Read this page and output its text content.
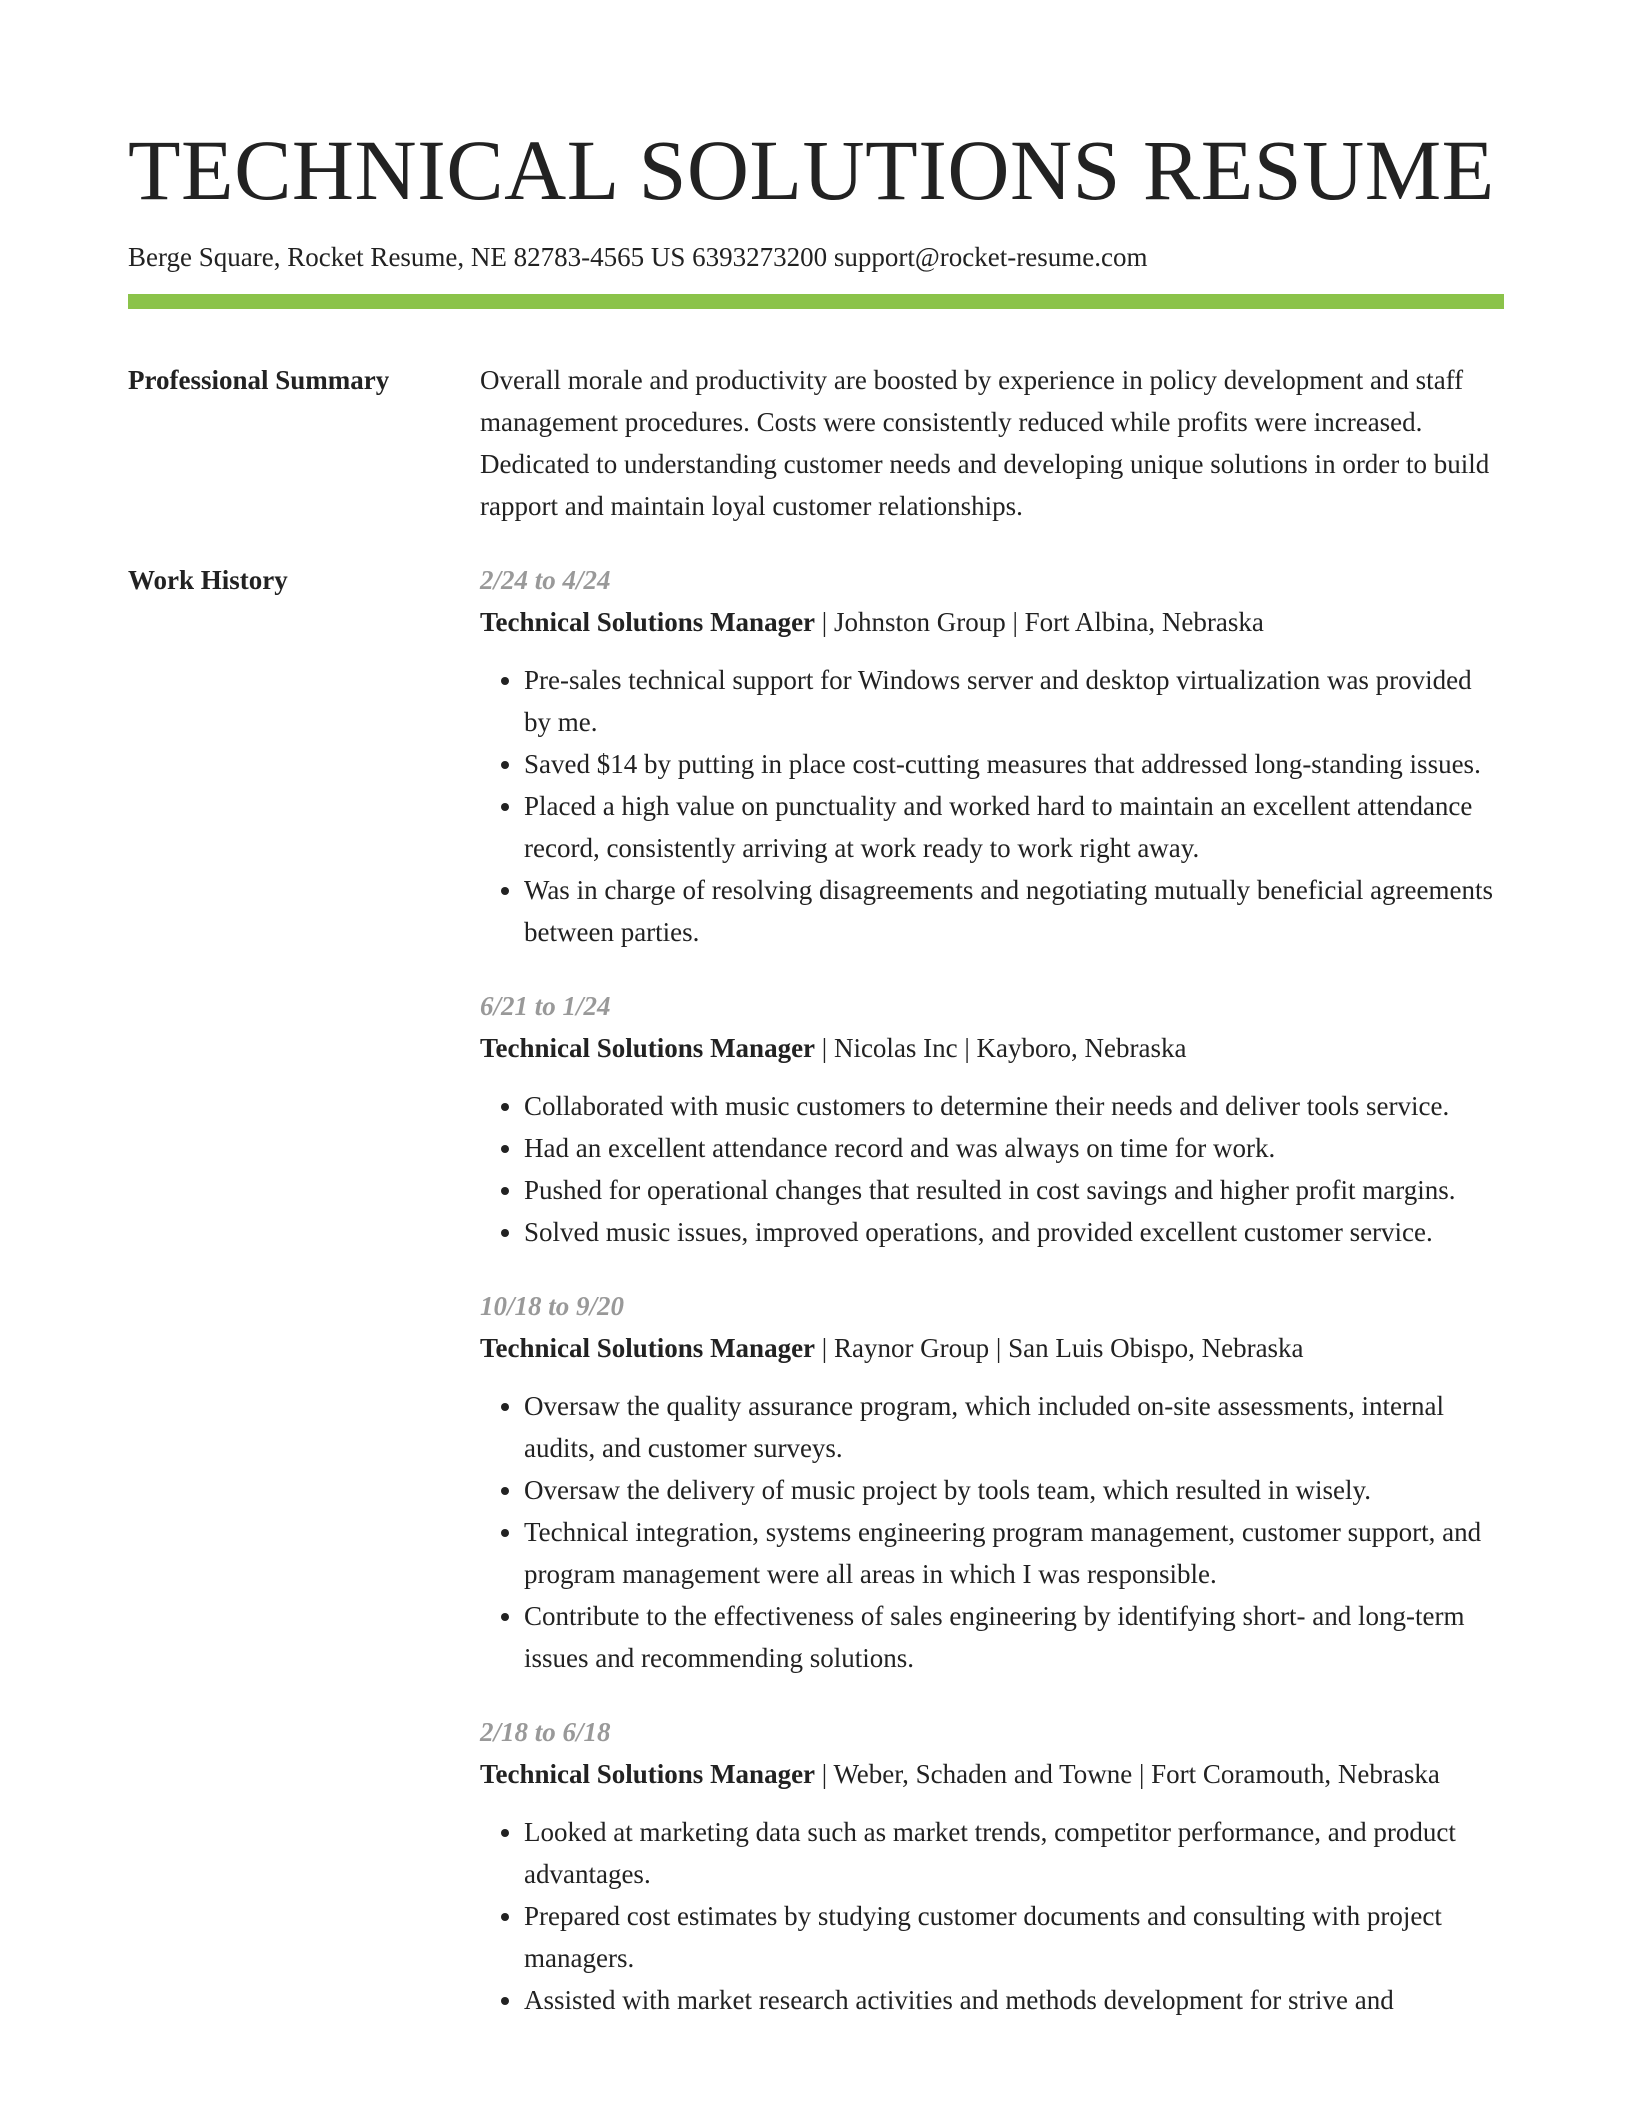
TECHNICAL SOLUTIONS RESUME
Berge Square, Rocket Resume, NE 82783-4565 US 6393273200 support@rocket-resume.com
Professional Summary	Overall morale and productivity are boosted by experience in policy development and staff management procedures. Costs were consistently reduced while profits were increased. Dedicated to understanding customer needs and developing unique solutions in order to build rapport and maintain loyal customer relationships.

Work History	2/24 to 4/24
Technical Solutions Manager | Johnston Group | Fort Albina, Nebraska
• Pre-sales technical support for Windows server and desktop virtualization was provided by me.
• Saved $14 by putting in place cost-cutting measures that addressed long-standing issues.
• Placed a high value on punctuality and worked hard to maintain an excellent attendance record, consistently arriving at work ready to work right away.
• Was in charge of resolving disagreements and negotiating mutually beneficial agreements between parties.
6/21 to 1/24
Technical Solutions Manager | Nicolas Inc | Kayboro, Nebraska
• Collaborated with music customers to determine their needs and deliver tools service.
• Had an excellent attendance record and was always on time for work.
• Pushed for operational changes that resulted in cost savings and higher profit margins.
• Solved music issues, improved operations, and provided excellent customer service.
10/18 to 9/20
Technical Solutions Manager | Raynor Group | San Luis Obispo, Nebraska
• Oversaw the quality assurance program, which included on-site assessments, internal audits, and customer surveys.
• Oversaw the delivery of music project by tools team, which resulted in wisely.
• Technical integration, systems engineering program management, customer support, and program management were all areas in which I was responsible.
• Contribute to the effectiveness of sales engineering by identifying short- and long-term issues and recommending solutions.
2/18 to 6/18
Technical Solutions Manager | Weber, Schaden and Towne | Fort Coramouth, Nebraska
• Looked at marketing data such as market trends, competitor performance, and product advantages.
• Prepared cost estimates by studying customer documents and consulting with project managers.
• Assisted with market research activities and methods development for strive and
